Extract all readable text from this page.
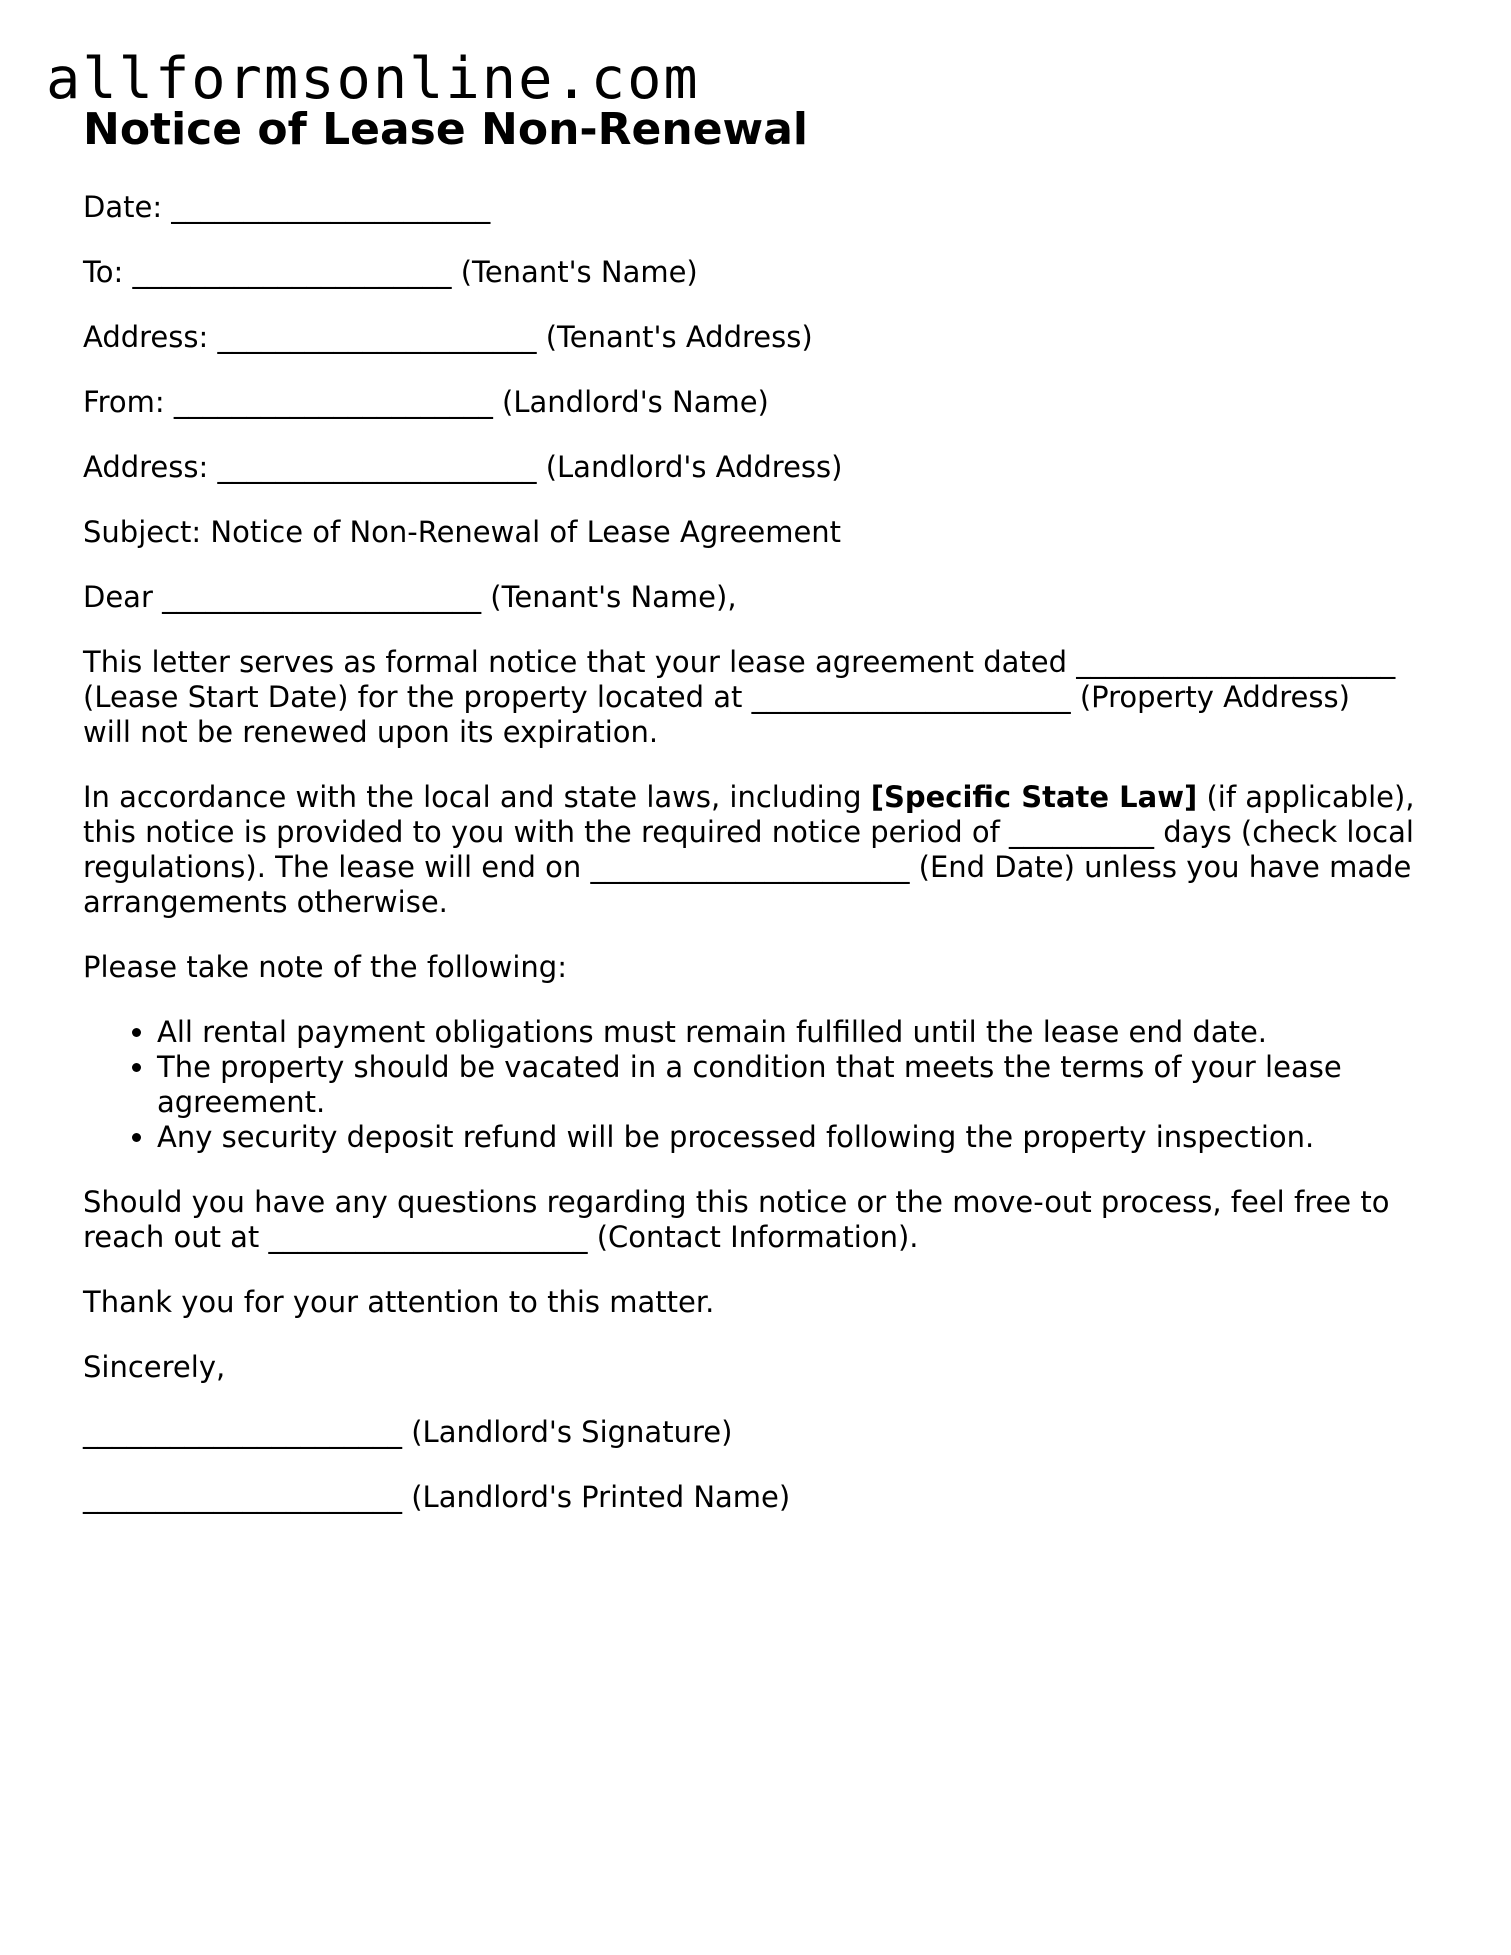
allformsonline.com
Notice of Lease Non-Renewal

Date: ______________________

To: ______________________ (Tenant's Name)

Address: ______________________ (Tenant's Address)

From: ______________________ (Landlord's Name)

Address: ______________________ (Landlord's Address)

Subject: Notice of Non-Renewal of Lease Agreement

Dear ______________________ (Tenant's Name),

This letter serves as formal notice that your lease agreement dated ______________________ (Lease Start Date) for the property located at ______________________ (Property Address) will not be renewed upon its expiration.

In accordance with the local and state laws, including [Specific State Law] (if applicable), this notice is provided to you with the required notice period of __________ days (check local regulations). The lease will end on ______________________ (End Date) unless you have made arrangements otherwise.

Please take note of the following:

• All rental payment obligations must remain fulfilled until the lease end date.
• The property should be vacated in a condition that meets the terms of your lease agreement.
• Any security deposit refund will be processed following the property inspection.

Should you have any questions regarding this notice or the move-out process, feel free to reach out at ______________________ (Contact Information).

Thank you for your attention to this matter.

Sincerely,

______________________ (Landlord's Signature)

______________________ (Landlord's Printed Name)
